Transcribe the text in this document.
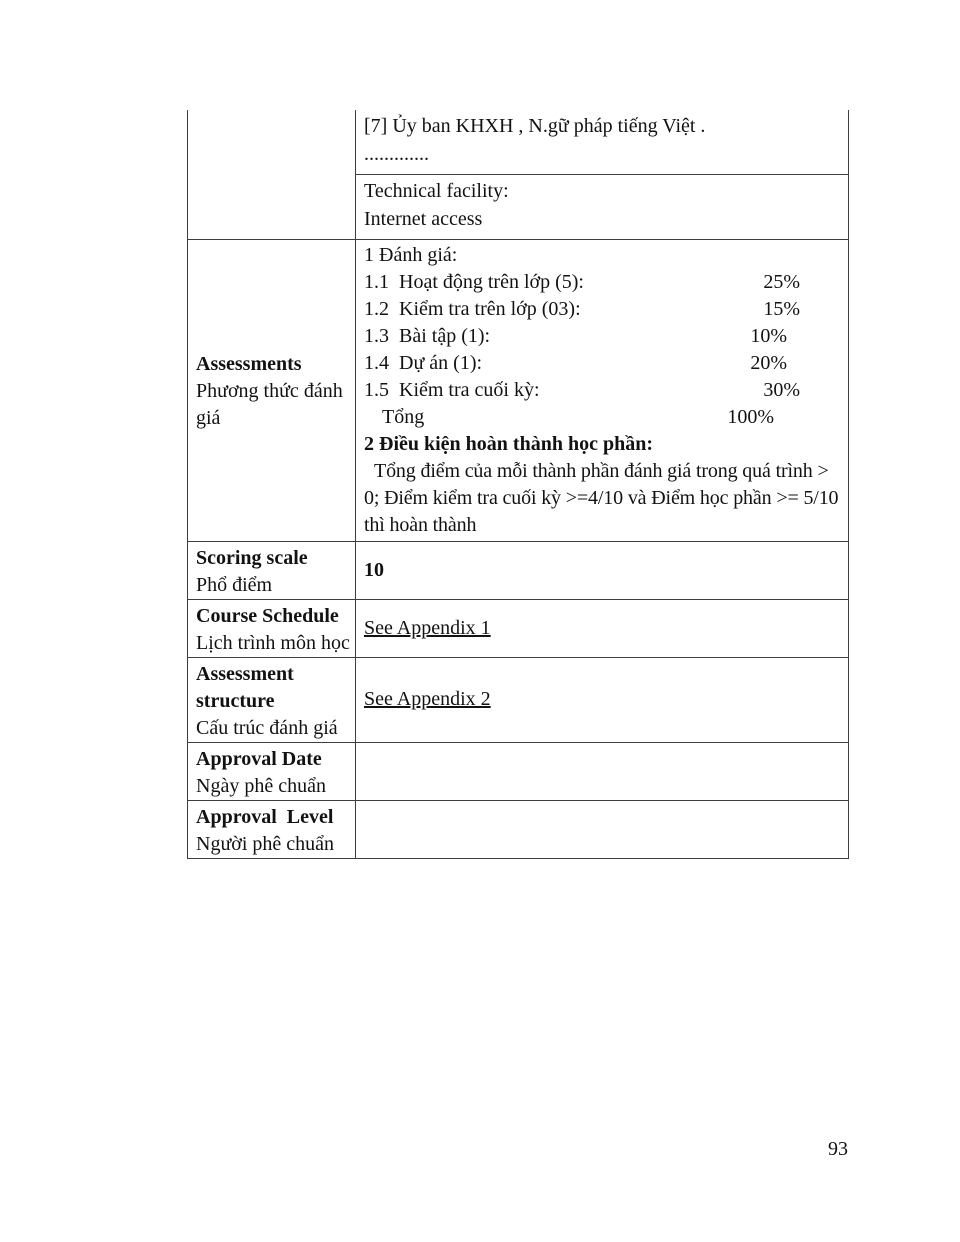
	[7] Ủy ban KHXH , N.gữ pháp tiếng Việt .
.............

	Technical facility:
Internet access

Assessments
Phương thức đánh giá

1 Đánh giá:
1.1  Hoạt động trên lớp (5):	25%
1.2  Kiểm tra trên lớp (03):	15%
1.3  Bài tập (1):	10%
1.4  Dự án (1):	20%
1.5  Kiểm tra cuối kỳ:	30%
Tổng	100%
2 Điều kiện hoàn thành học phần:
Tổng điểm của mỗi thành phần đánh giá trong quá trình > 0; Điểm kiểm tra cuối kỳ >=4/10 và Điểm học phần >= 5/10 thì hoàn thành

Scoring scale
Phổ điểm	10

Course Schedule
Lịch trình môn học	See Appendix 1

Assessment structure
Cấu trúc đánh giá	See Appendix 2

Approval Date
Ngày phê chuẩn	

Approval  Level
Người phê chuẩn	

93
